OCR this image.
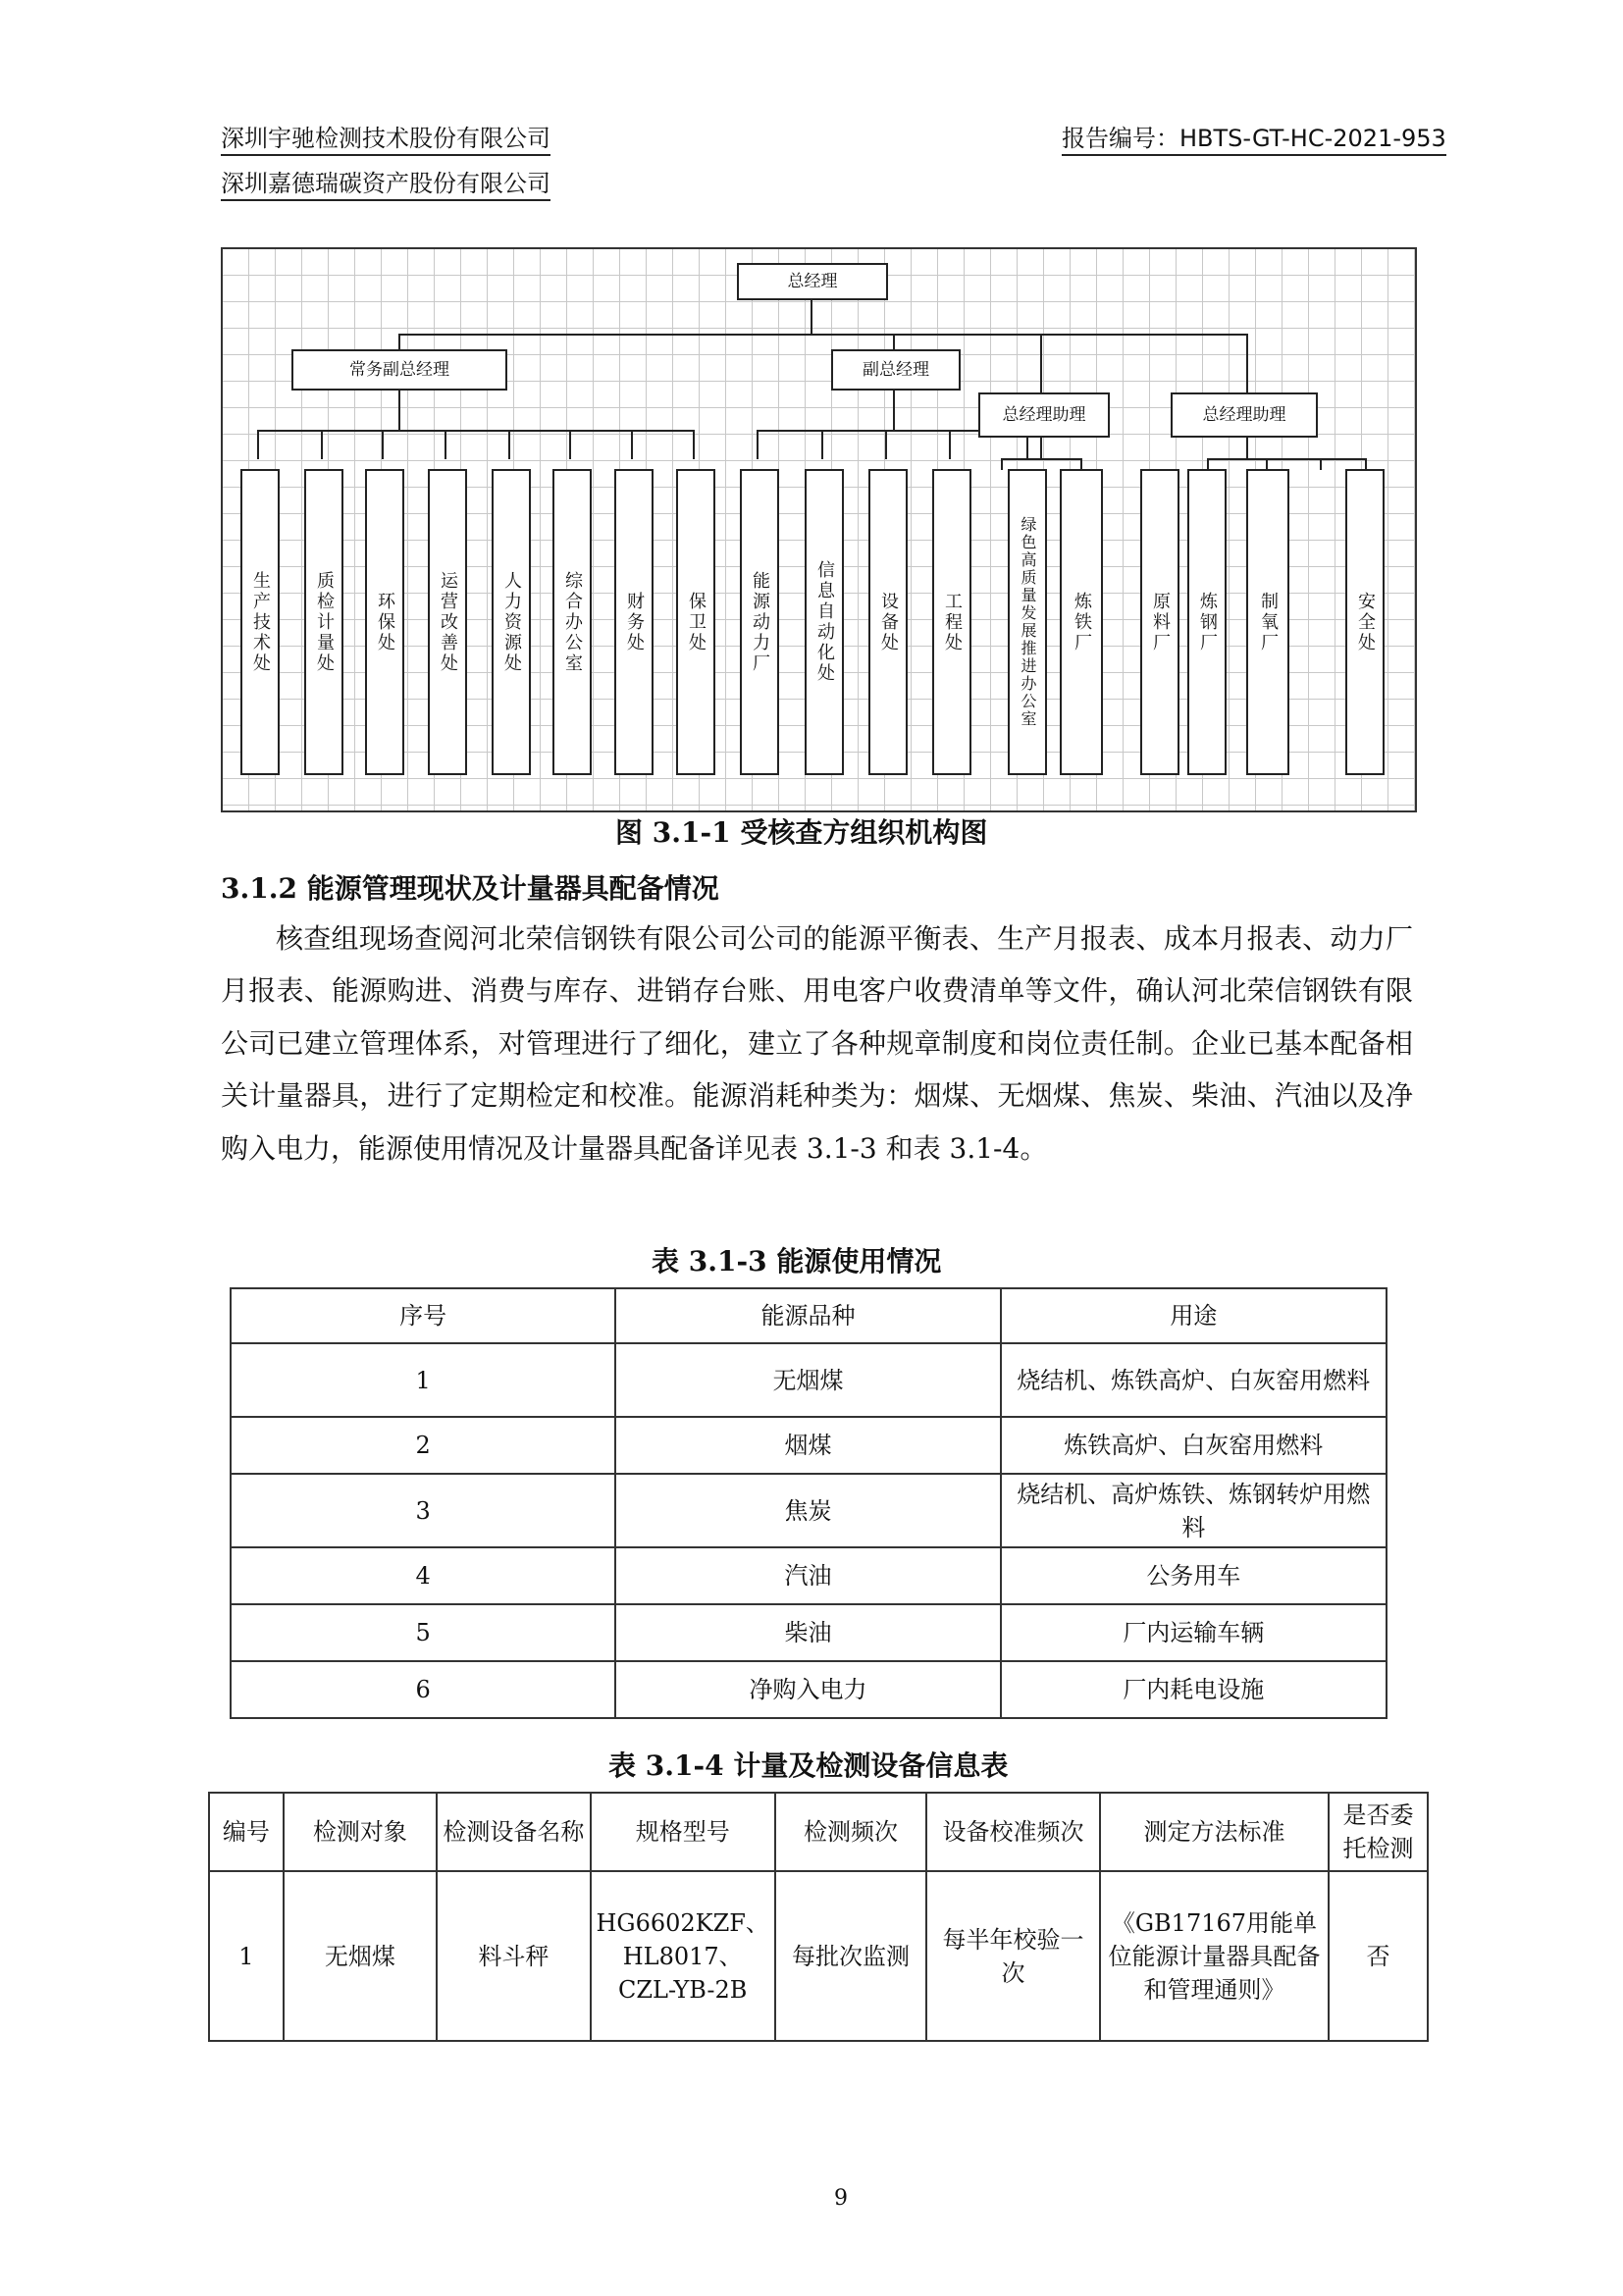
深圳宇驰检测技术股份有限公司
深圳嘉德瑞碳资产股份有限公司
报告编号：HBTS-GT-HC-2021-953
总经理
常务副总经理	副总经理
总经理助理	总经理助理
生产技术处	质检计量处	环保处	运营改善处	人力资源处	综合办公室	财务处	保卫处	能源动力厂	信息自动化处	设备处	工程处	绿色高质量发展推进办公室	炼铁厂	原料厂	炼钢厂	制氧厂	安全处
图 3.1-1 受核查方组织机构图
3.1.2 能源管理现状及计量器具配备情况
核查组现场查阅河北荣信钢铁有限公司公司的能源平衡表、生产月报表、成本月报表、动力厂月报表、能源购进、消费与库存、进销存台账、用电客户收费清单等文件，确认河北荣信钢铁有限公司已建立管理体系，对管理进行了细化，建立了各种规章制度和岗位责任制。企业已基本配备相关计量器具，进行了定期检定和校准。能源消耗种类为：烟煤、无烟煤、焦炭、柴油、汽油以及净购入电力，能源使用情况及计量器具配备详见表 3.1-3 和表 3.1-4。
表 3.1-3 能源使用情况
序号	能源品种	用途
1	无烟煤	烧结机、炼铁高炉、白灰窑用燃料
2	烟煤	炼铁高炉、白灰窑用燃料
3	焦炭	烧结机、高炉炼铁、炼钢转炉用燃料
4	汽油	公务用车
5	柴油	厂内运输车辆
6	净购入电力	厂内耗电设施
表 3.1-4 计量及检测设备信息表
编号	检测对象	检测设备名称	规格型号	检测频次	设备校准频次	测定方法标准	是否委托检测
1	无烟煤	料斗秤	HG6602KZF、HL8017、CZL-YB-2B	每批次监测	每半年校验一次	《GB17167用能单位能源计量器具配备和管理通则》	否
9
